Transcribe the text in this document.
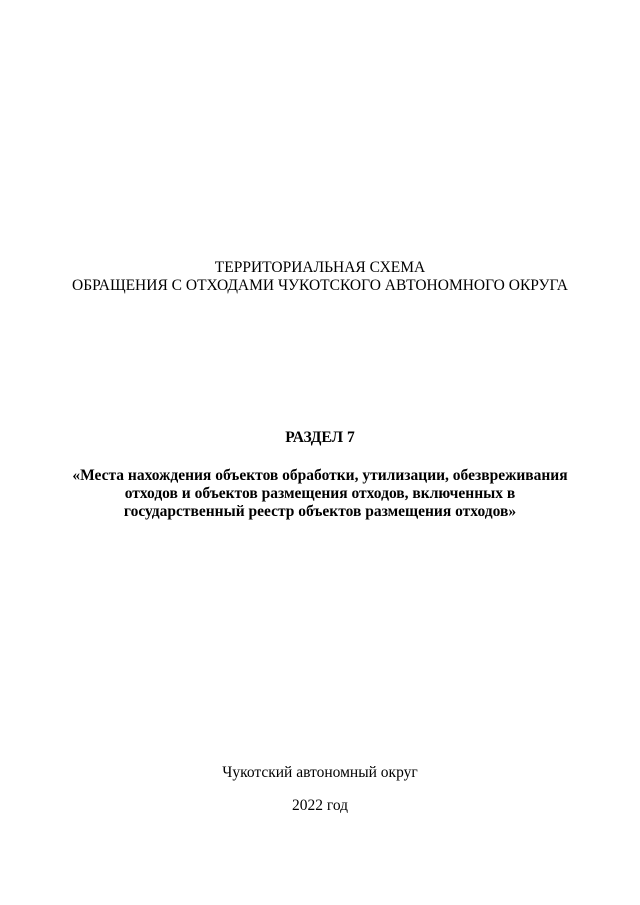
ТЕРРИТОРИАЛЬНАЯ СХЕМА
ОБРАЩЕНИЯ С ОТХОДАМИ ЧУКОТСКОГО АВТОНОМНОГО ОКРУГА
РАЗДЕЛ 7
«Места нахождения объектов обработки, утилизации, обезвреживания
отходов и объектов размещения отходов, включенных в
государственный реестр объектов размещения отходов»
Чукотский автономный округ
2022 год
